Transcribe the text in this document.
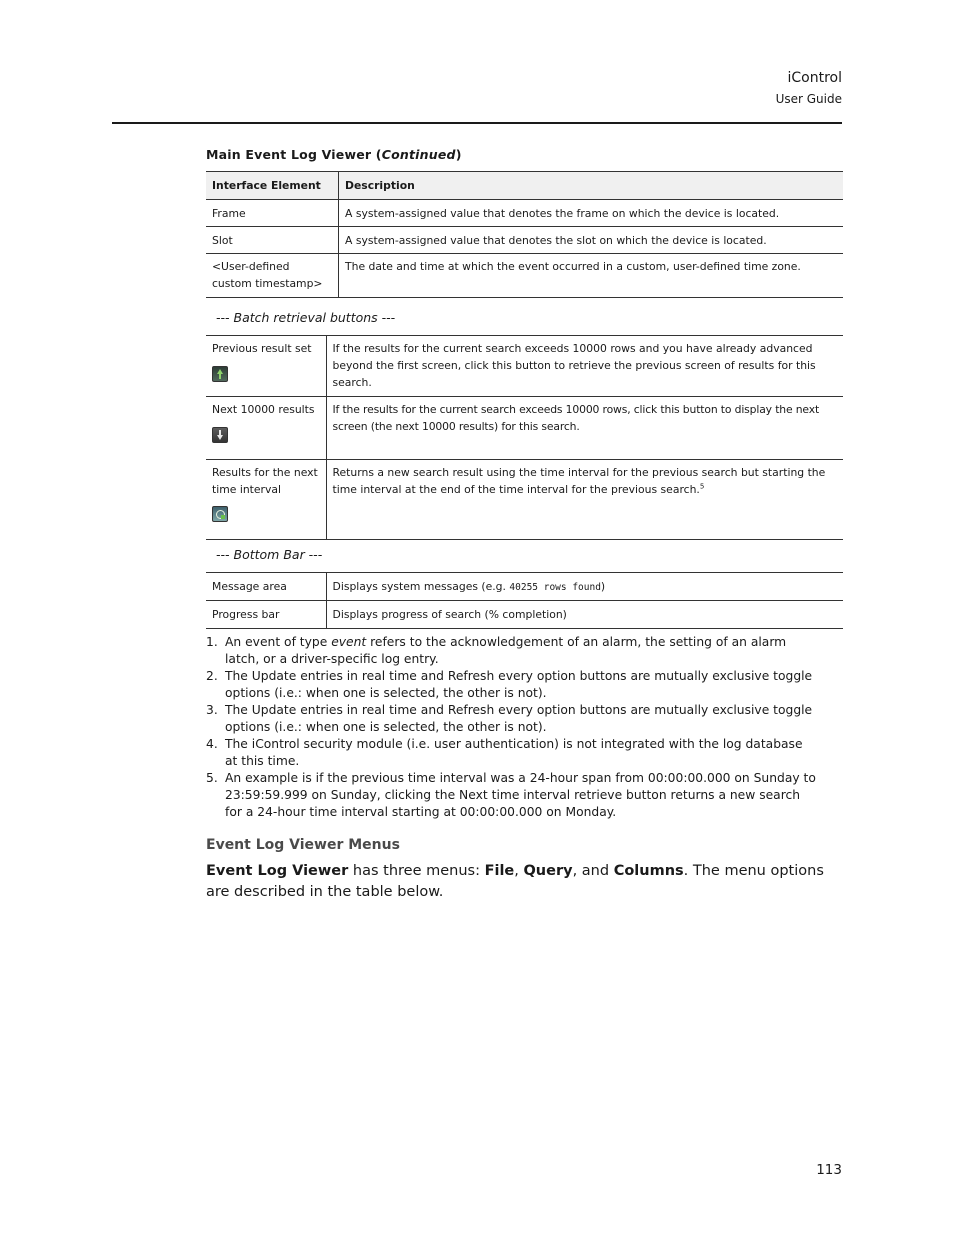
iControl
User Guide
Main Event Log Viewer (Continued)
Interface Element	Description
Frame	A system-assigned value that denotes the frame on which the device is located.
Slot	A system-assigned value that denotes the slot on which the device is located.
<User-defined custom timestamp>	The date and time at which the event occurred in a custom, user-defined time zone.
--- Batch retrieval buttons ---
Previous result set	If the results for the current search exceeds 10000 rows and you have already advanced beyond the first screen, click this button to retrieve the previous screen of results for this search.

Next 10000 results	If the results for the current search exceeds 10000 rows, click this button to display the next screen (the next 10000 results) for this search.

Results for the next time interval	Returns a new search result using the time interval for the previous search but starting the time interval at the end of the time interval for the previous search.$^5$
--- Bottom Bar ---
Message area	Displays system messages (e.g. 40255 rows found)
Progress bar	Displays progress of search (% completion)
1. An event of type event refers to the acknowledgement of an alarm, the setting of an alarm latch, or a driver-specific log entry.
2. The Update entries in real time and Refresh every option buttons are mutually exclusive toggle options (i.e.: when one is selected, the other is not).
3. The Update entries in real time and Refresh every option buttons are mutually exclusive toggle options (i.e.: when one is selected, the other is not).
4. The iControl security module (i.e. user authentication) is not integrated with the log database at this time.
5. An example is if the previous time interval was a 24-hour span from 00:00:00.000 on Sunday to 23:59:59.999 on Sunday, clicking the Next time interval retrieve button returns a new search for a 24-hour time interval starting at 00:00:00.000 on Monday.
Event Log Viewer Menus

Event Log Viewer has three menus: File, Query, and Columns. The menu options are described in the table below.

113
